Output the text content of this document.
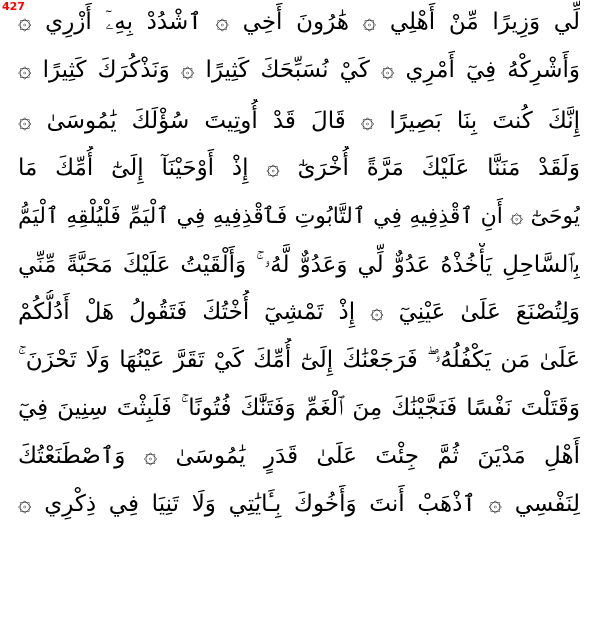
427
لِّي وَزِيرًا مِّنْ أَهْلِي ۞ هَٰرُونَ أَخِي ۞ ٱشْدُدْ بِهِۦٓ أَزْرِي ۞
وَأَشْرِكْهُ فِيٓ أَمْرِي ۞ كَيْ نُسَبِّحَكَ كَثِيرًا ۞ وَنَذْكُرَكَ كَثِيرًا ۞
إِنَّكَ كُنتَ بِنَا بَصِيرًا ۞ قَالَ قَدْ أُوتِيتَ سُؤْلَكَ يَٰمُوسَىٰ ۞
وَلَقَدْ مَنَنَّا عَلَيْكَ مَرَّةً أُخْرَىٰٓ ۞ إِذْ أَوْحَيْنَآ إِلَىٰٓ أُمِّكَ مَا
يُوحَىٰٓ ۞ أَنِ ٱقْذِفِيهِ فِي ٱلتَّابُوتِ فَٱقْذِفِيهِ فِي ٱلْيَمِّ فَلْيُلْقِهِ ٱلْيَمُّ
بِٱلسَّاحِلِ يَأْخُذْهُ عَدُوٌّ لِّي وَعَدُوٌّ لَّهُۥ ۚ وَأَلْقَيْتُ عَلَيْكَ مَحَبَّةً مِّنِّي
وَلِتُصْنَعَ عَلَىٰ عَيْنِيٓ ۞ إِذْ تَمْشِيٓ أُخْتُكَ فَتَقُولُ هَلْ أَدُلُّكُمْ
عَلَىٰ مَن يَكْفُلُهُۥ ۖ فَرَجَعْنَٰكَ إِلَىٰٓ أُمِّكَ كَيْ تَقَرَّ عَيْنُهَا وَلَا تَحْزَنَ ۚ
وَقَتَلْتَ نَفْسًا فَنَجَّيْنَٰكَ مِنَ ٱلْغَمِّ وَفَتَنَّٰكَ فُتُونًا ۚ فَلَبِثْتَ سِنِينَ فِيٓ
أَهْلِ مَدْيَنَ ثُمَّ جِئْتَ عَلَىٰ قَدَرٍ يَٰمُوسَىٰ ۞ وَٱصْطَنَعْتُكَ
لِنَفْسِي ۞ ٱذْهَبْ أَنتَ وَأَخُوكَ بِـَٔايَٰتِي وَلَا تَنِيَا فِي ذِكْرِي ۞
